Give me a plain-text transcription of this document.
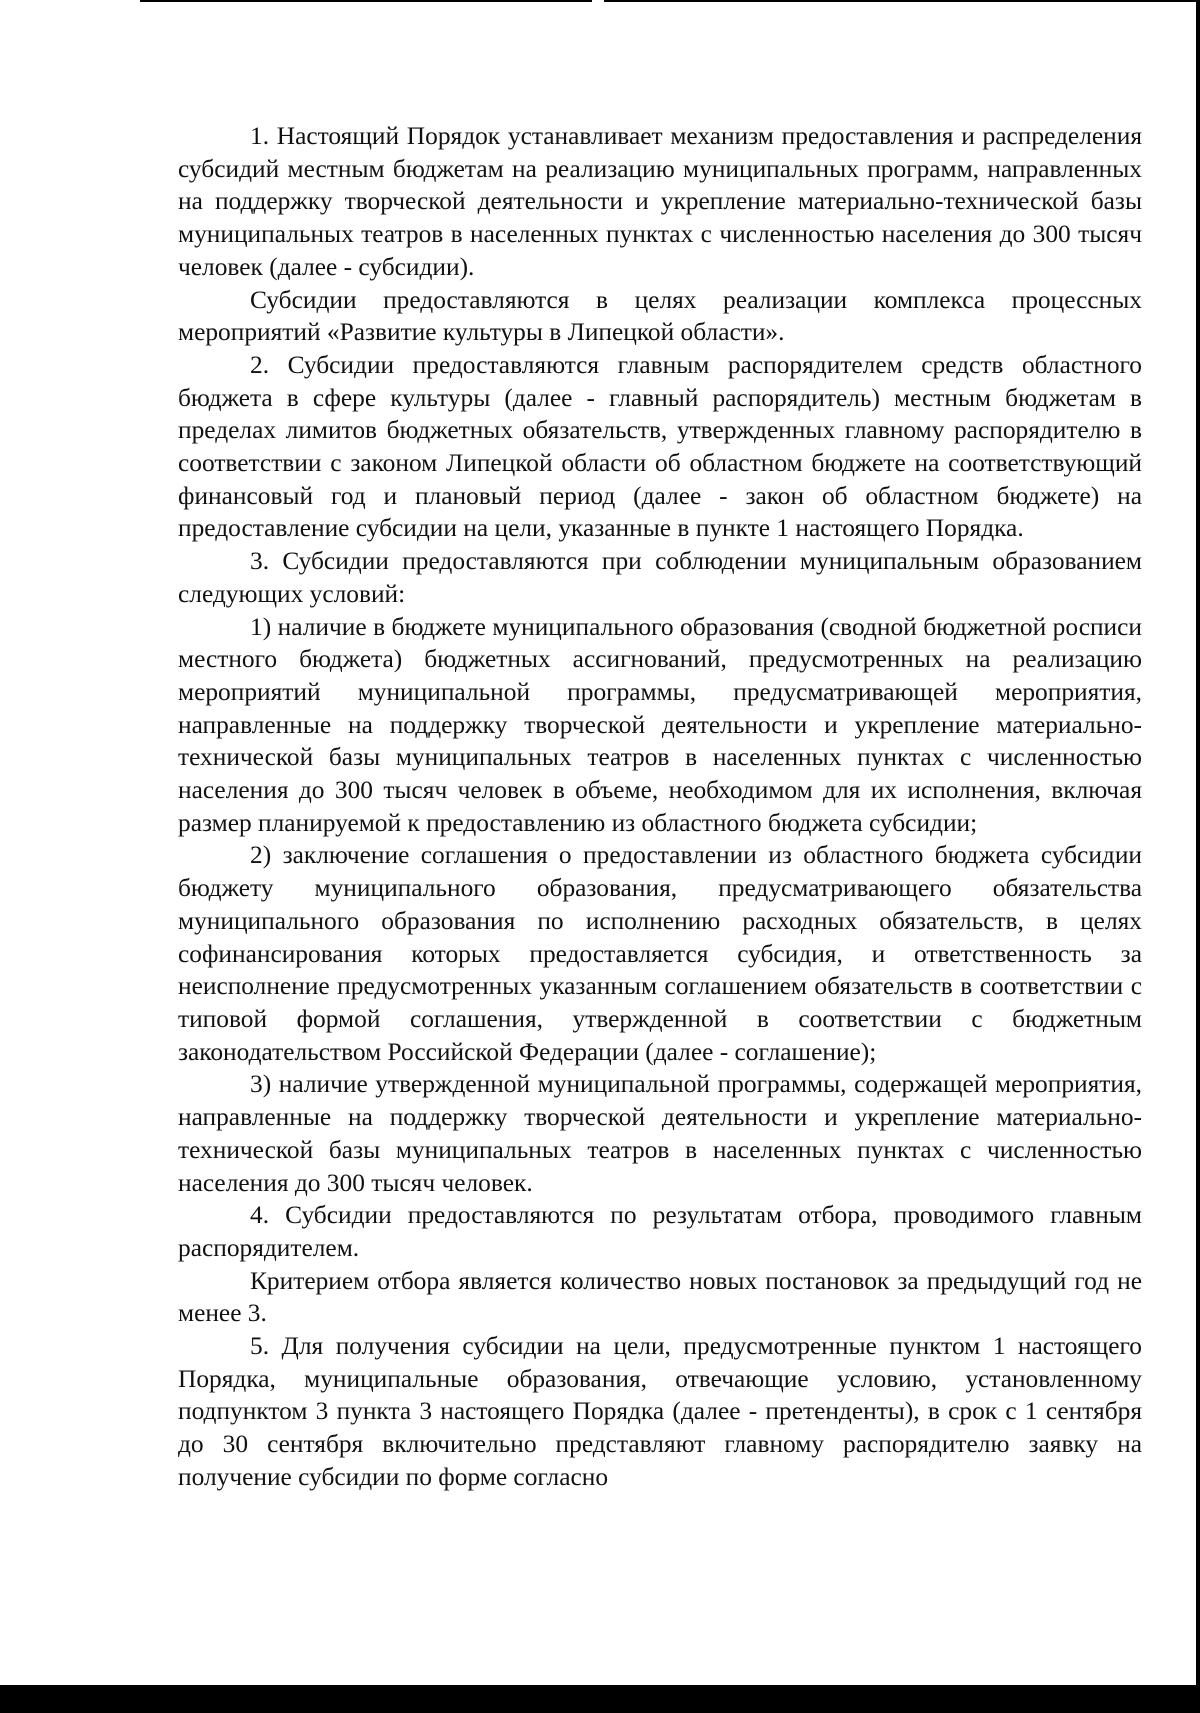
1. Настоящий Порядок устанавливает механизм предоставления и распределения субсидий местным бюджетам на реализацию муниципальных программ, направленных на поддержку творческой деятельности и укрепление материально-технической базы муниципальных театров в населенных пунктах с численностью населения до 300 тысяч человек (далее - субсидии).

Субсидии предоставляются в целях реализации комплекса процессных мероприятий «Развитие культуры в Липецкой области».

2. Субсидии предоставляются главным распорядителем средств областного бюджета в сфере культуры (далее - главный распорядитель) местным бюджетам в пределах лимитов бюджетных обязательств, утвержденных главному распорядителю в соответствии с законом Липецкой области об областном бюджете на соответствующий финансовый год и плановый период (далее - закон об областном бюджете) на предоставление субсидии на цели, указанные в пункте 1 настоящего Порядка.

3. Субсидии предоставляются при соблюдении муниципальным образованием следующих условий:

1) наличие в бюджете муниципального образования (сводной бюджетной росписи местного бюджета) бюджетных ассигнований, предусмотренных на реализацию мероприятий муниципальной программы, предусматривающей мероприятия, направленные на поддержку творческой деятельности и укрепление материально-технической базы муниципальных театров в населенных пунктах с численностью населения до 300 тысяч человек в объеме, необходимом для их исполнения, включая размер планируемой к предоставлению из областного бюджета субсидии;

2) заключение соглашения о предоставлении из областного бюджета субсидии бюджету муниципального образования, предусматривающего обязательства муниципального образования по исполнению расходных обязательств, в целях софинансирования которых предоставляется субсидия, и ответственность за неисполнение предусмотренных указанным соглашением обязательств в соответствии с типовой формой соглашения, утвержденной в соответствии с бюджетным законодательством Российской Федерации (далее - соглашение);

3) наличие утвержденной муниципальной программы, содержащей мероприятия, направленные на поддержку творческой деятельности и укрепление материально-технической базы муниципальных театров в населенных пунктах с численностью населения до 300 тысяч человек.

4. Субсидии предоставляются по результатам отбора, проводимого главным распорядителем.

Критерием отбора является количество новых постановок за предыдущий год не менее 3.

5. Для получения субсидии на цели, предусмотренные пунктом 1 настоящего Порядка, муниципальные образования, отвечающие условию, установленному подпунктом 3 пункта 3 настоящего Порядка (далее - претенденты), в срок с 1 сентября до 30 сентября включительно представляют главному распорядителю заявку на получение субсидии по форме согласно
